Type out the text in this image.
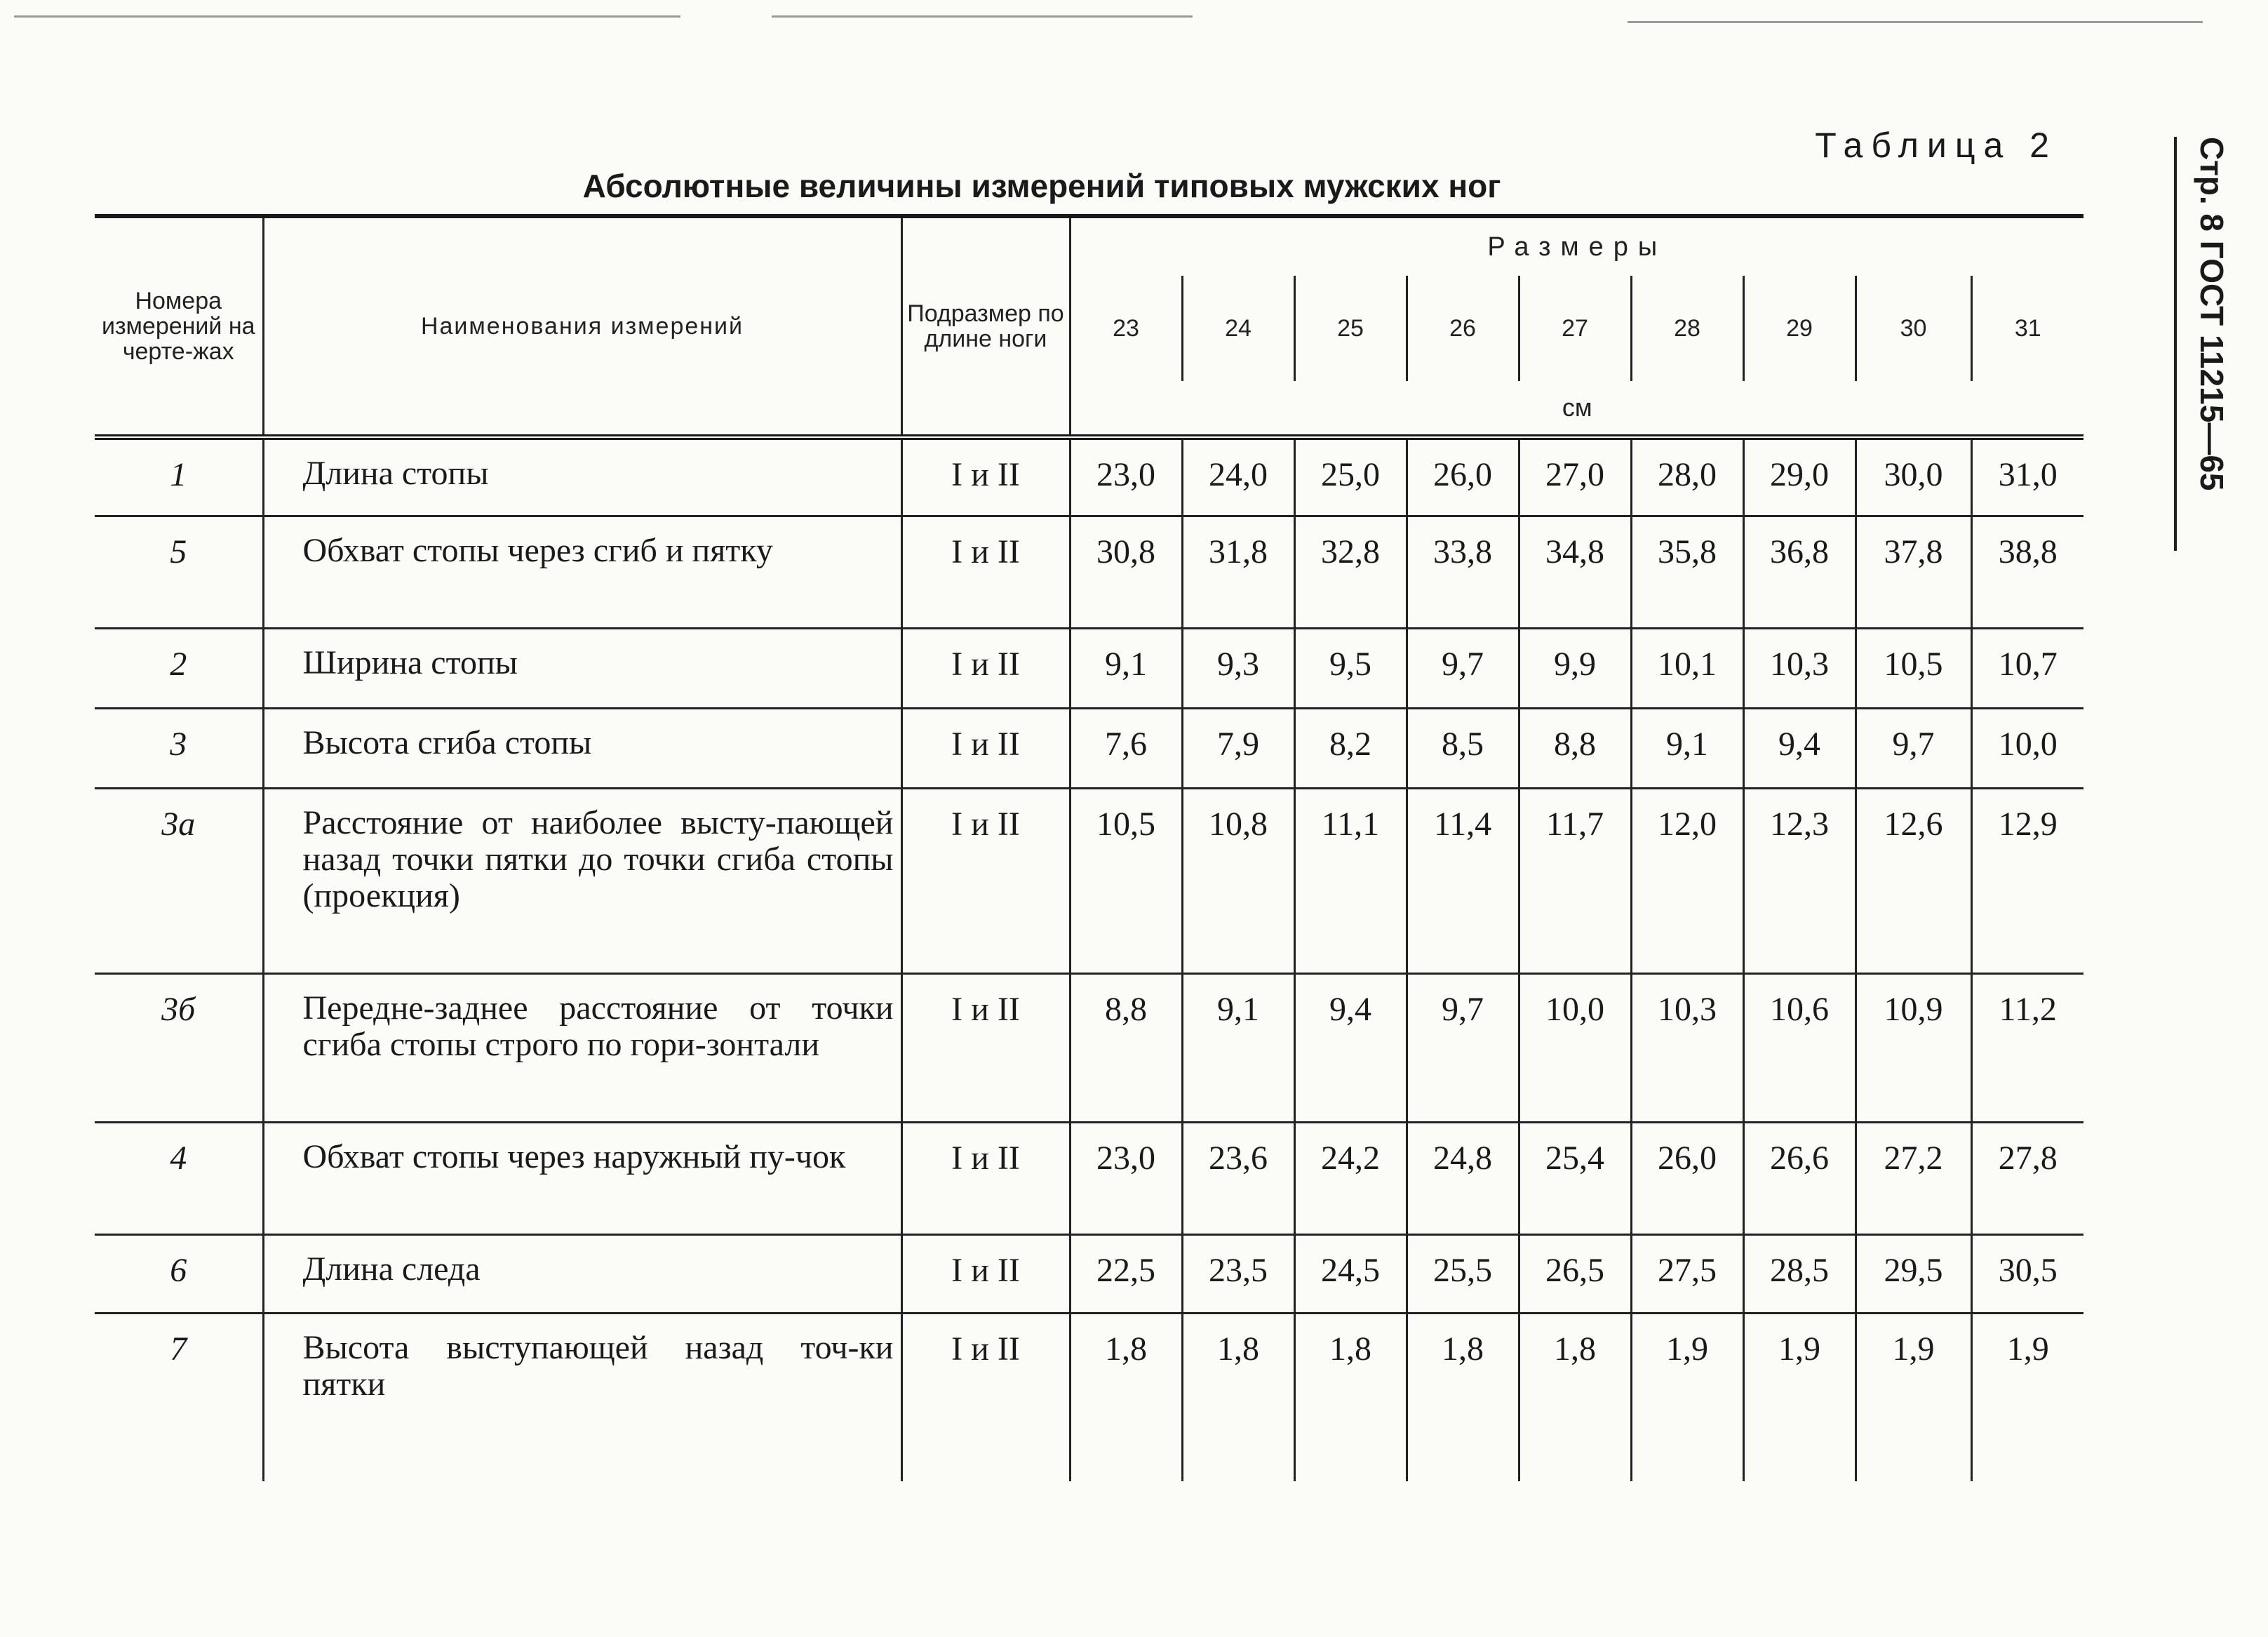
Таблица 2
Абсолютные величины измерений типовых мужских ног	Стр. 8 ГОСТ 11215—65
Номера измерений на черте-жах	Наименования измерений	Подразмер по длине ноги	Размеры								
			23	24	25	26	27	28	29	30	31
			см								
1	Длина стопы	I и II	23,0	24,0	25,0	26,0	27,0	28,0	29,0	30,0	31,0
5	Обхват стопы через сгиб и пятку	I и II	30,8	31,8	32,8	33,8	34,8	35,8	36,8	37,8	38,8
2	Ширина стопы	I и II	9,1	9,3	9,5	9,7	9,9	10,1	10,3	10,5	10,7
3	Высота сгиба стопы	I и II	7,6	7,9	8,2	8,5	8,8	9,1	9,4	9,7	10,0
3а	Расстояние от наиболее высту-пающей назад точки пятки до точки сгиба стопы (проекция)	I и II	10,5	10,8	11,1	11,4	11,7	12,0	12,3	12,6	12,9
3б	Передне-заднее расстояние от точки сгиба стопы строго по гори-зонтали	I и II	8,8	9,1	9,4	9,7	10,0	10,3	10,6	10,9	11,2
4	Обхват стопы через наружный пу-чок	I и II	23,0	23,6	24,2	24,8	25,4	26,0	26,6	27,2	27,8
6	Длина следа	I и II	22,5	23,5	24,5	25,5	26,5	27,5	28,5	29,5	30,5
7	Высота выступающей назад точ-ки пятки	I и II	1,8	1,8	1,8	1,8	1,8	1,9	1,9	1,9	1,9
